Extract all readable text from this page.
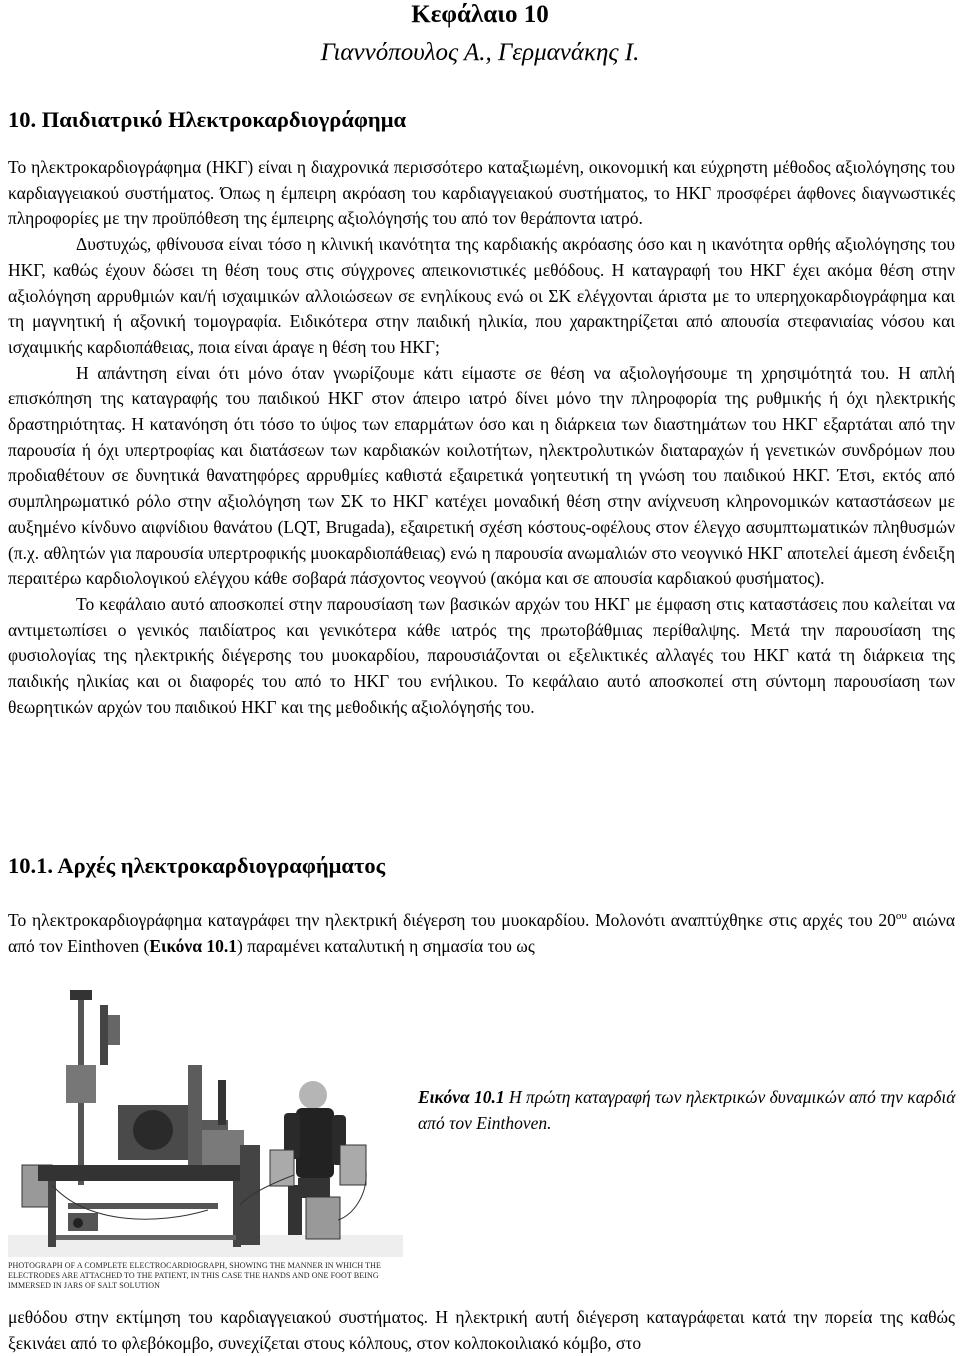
Κεφάλαιο 10
Γιαννόπουλος Α., Γερμανάκης Ι.
10. Παιδιατρικό Ηλεκτροκαρδιογράφημα

Το ηλεκτροκαρδιογράφημα (ΗΚΓ) είναι η διαχρονικά περισσότερο καταξιωμένη, οικονομική και εύχρηστη μέθοδος αξιολόγησης του καρδιαγγειακού συστήματος. Όπως η έμπειρη ακρόαση του καρδιαγγειακού συστήματος, το ΗΚΓ προσφέρει άφθονες διαγνωστικές πληροφορίες με την προϋπόθεση της έμπειρης αξιολόγησής του από τον θεράποντα ιατρό.

Δυστυχώς, φθίνουσα είναι τόσο η κλινική ικανότητα της καρδιακής ακρόασης όσο και η ικανότητα ορθής αξιολόγησης του ΗΚΓ, καθώς έχουν δώσει τη θέση τους στις σύγχρονες απεικονιστικές μεθόδους. Η καταγραφή του ΗΚΓ έχει ακόμα θέση στην αξιολόγηση αρρυθμιών και/ή ισχαιμικών αλλοιώσεων σε ενηλίκους ενώ οι ΣΚ ελέγχονται άριστα με το υπερηχοκαρδιογράφημα και τη μαγνητική ή αξονική τομογραφία. Ειδικότερα στην παιδική ηλικία, που χαρακτηρίζεται από απουσία στεφανιαίας νόσου και ισχαιμικής καρδιοπάθειας, ποια είναι άραγε η θέση του ΗΚΓ;

Η απάντηση είναι ότι μόνο όταν γνωρίζουμε κάτι είμαστε σε θέση να αξιολογήσουμε τη χρησιμότητά του. Η απλή επισκόπηση της καταγραφής του παιδικού ΗΚΓ στον άπειρο ιατρό δίνει μόνο την πληροφορία της ρυθμικής ή όχι ηλεκτρικής δραστηριότητας. Η κατανόηση ότι τόσο το ύψος των επαρμάτων όσο και η διάρκεια των διαστημάτων του ΗΚΓ εξαρτάται από την παρουσία ή όχι υπερτροφίας και διατάσεων των καρδιακών κοιλοτήτων, ηλεκτρολυτικών διαταραχών ή γενετικών συνδρόμων που προδιαθέτουν σε δυνητικά θανατηφόρες αρρυθμίες καθιστά εξαιρετικά γοητευτική τη γνώση του παιδικού ΗΚΓ. Έτσι, εκτός από συμπληρωματικό ρόλο στην αξιολόγηση των ΣΚ το ΗΚΓ κατέχει μοναδική θέση στην ανίχνευση κληρονομικών καταστάσεων με αυξημένο κίνδυνο αιφνίδιου θανάτου (LQT, Brugada), εξαιρετική σχέση κόστους-οφέλους στον έλεγχο ασυμπτωματικών πληθυσμών (π.χ. αθλητών για παρουσία υπερτροφικής μυοκαρδιοπάθειας) ενώ η παρουσία ανωμαλιών στο νεογνικό ΗΚΓ αποτελεί άμεση ένδειξη περαιτέρω καρδιολογικού ελέγχου κάθε σοβαρά πάσχοντος νεογνού (ακόμα και σε απουσία καρδιακού φυσήματος).

Το κεφάλαιο αυτό αποσκοπεί στην παρουσίαση των βασικών αρχών του ΗΚΓ με έμφαση στις καταστάσεις που καλείται να αντιμετωπίσει ο γενικός παιδίατρος και γενικότερα κάθε ιατρός της πρωτοβάθμιας περίθαλψης. Μετά την παρουσίαση της φυσιολογίας της ηλεκτρικής διέγερσης του μυοκαρδίου, παρουσιάζονται οι εξελικτικές αλλαγές του ΗΚΓ κατά τη διάρκεια της παιδικής ηλικίας και οι διαφορές του από το ΗΚΓ του ενήλικου. Το κεφάλαιο αυτό αποσκοπεί στη σύντομη παρουσίαση των θεωρητικών αρχών του παιδικού ΗΚΓ και της μεθοδικής αξιολόγησής του.

10.1. Αρχές ηλεκτροκαρδιογραφήματος

Το ηλεκτροκαρδιογράφημα καταγράφει την ηλεκτρική διέγερση του μυοκαρδίου. Μολονότι αναπτύχθηκε στις αρχές του $20^{o\upsilon}$ αιώνα από τον Einthoven (Εικόνα 10.1) παραμένει καταλυτική η σημασία του ως

PHOTOGRAPH OF A COMPLETE ELECTROCARDIOGRAPH, SHOWING THE MANNER IN WHICH THE ELECTRODES ARE ATTACHED TO THE PATIENT, IN THIS CASE THE HANDS AND ONE FOOT BEING IMMERSED IN JARS OF SALT SOLUTION
Εικόνα 10.1 Η πρώτη καταγραφή των ηλεκτρικών δυναμικών από την καρδιά από τον Einthoven.

μεθόδου στην εκτίμηση του καρδιαγγειακού συστήματος. Η ηλεκτρική αυτή διέγερση καταγράφεται κατά την πορεία της καθώς ξεκινάει από το φλεβόκομβο, συνεχίζεται στους κόλπους, στον κολποκοιλιακό κόμβο, στο
